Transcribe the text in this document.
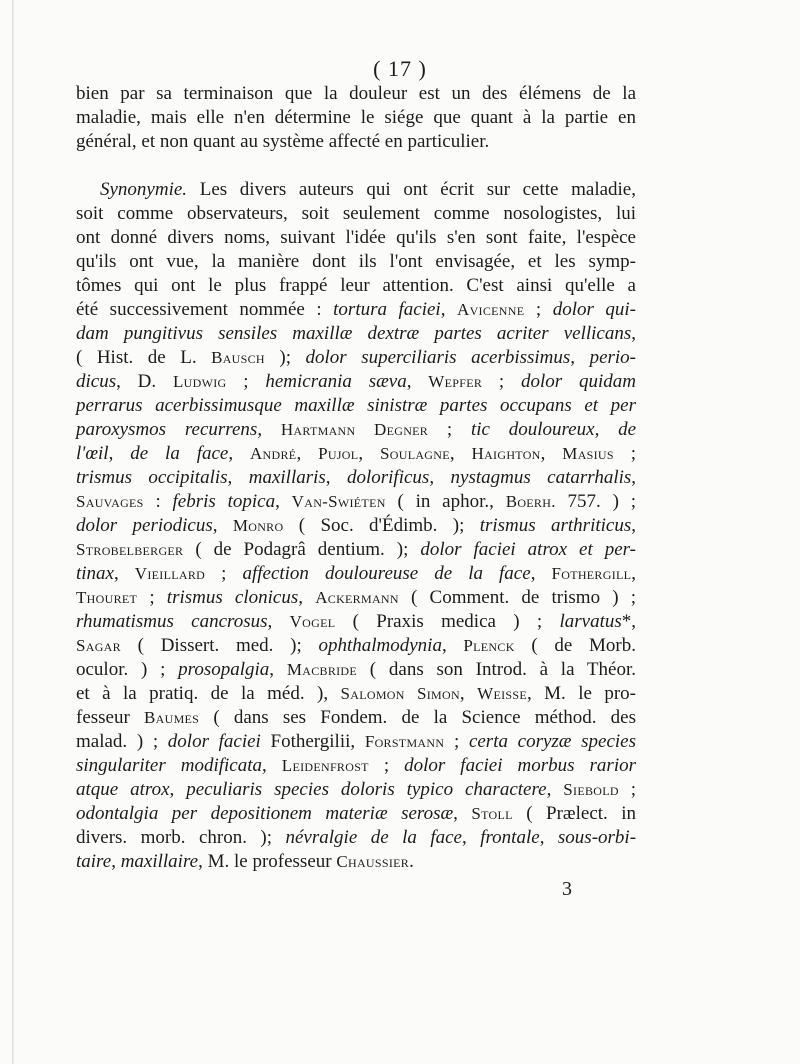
( 17 )
bien par sa terminaison que la douleur est un des élémens de la
maladie, mais elle n'en détermine le siége que quant à la partie en
général, et non quant au système affecté en particulier.
Synonymie. Les divers auteurs qui ont écrit sur cette maladie,
soit comme observateurs, soit seulement comme nosologistes, lui
ont donné divers noms, suivant l'idée qu'ils s'en sont faite, l'espèce
qu'ils ont vue, la manière dont ils l'ont envisagée, et les symp-
tômes qui ont le plus frappé leur attention. C'est ainsi qu'elle a
été successivement nommée : tortura faciei, Avicenne ; dolor qui-
dam pungitivus sensiles maxillæ dextræ partes acriter vellicans,
( Hist. de L. Bausch ); dolor superciliaris acerbissimus, perio-
dicus, D. Ludwig ; hemicrania sæva, Wepfer ; dolor quidam
perrarus acerbissimusque maxillæ sinistræ partes occupans et per
paroxysmos recurrens, Hartmann Degner ; tic douloureux, de
l'œil, de la face, André, Pujol, Soulagne, Haighton, Masius ;
trismus occipitalis, maxillaris, dolorificus, nystagmus catarrhalis,
Sauvages : febris topica, Van-Swiéten ( in aphor., Boerh. 757. ) ;
dolor periodicus, Monro ( Soc. d'Édimb. ); trismus arthriticus,
Strobelberger ( de Podagrâ dentium. ); dolor faciei atrox et per-
tinax, Vieillard ; affection douloureuse de la face, Fothergill,
Thouret ; trismus clonicus, Ackermann ( Comment. de trismo ) ;
rhumatismus cancrosus, Vogel ( Praxis medica ) ; larvatus*,
Sagar ( Dissert. med. ); ophthalmodynia, Plenck ( de Morb.
oculor. ) ; prosopalgia, Macbride ( dans son Introd. à la Théor.
et à la pratiq. de la méd. ), Salomon Simon, Weisse, M. le pro-
fesseur Baumes ( dans ses Fondem. de la Science méthod. des
malad. ) ; dolor faciei Fothergilii, Forstmann ; certa coryzæ species
singulariter modificata, Leidenfrost ; dolor faciei morbus rarior
atque atrox, peculiaris species doloris typico charactere, Siebold ;
odontalgia per depositionem materiæ serosæ, Stoll ( Prælect. in
divers. morb. chron. ); névralgie de la face, frontale, sous-orbi-
taire, maxillaire, M. le professeur Chaussier.
3
